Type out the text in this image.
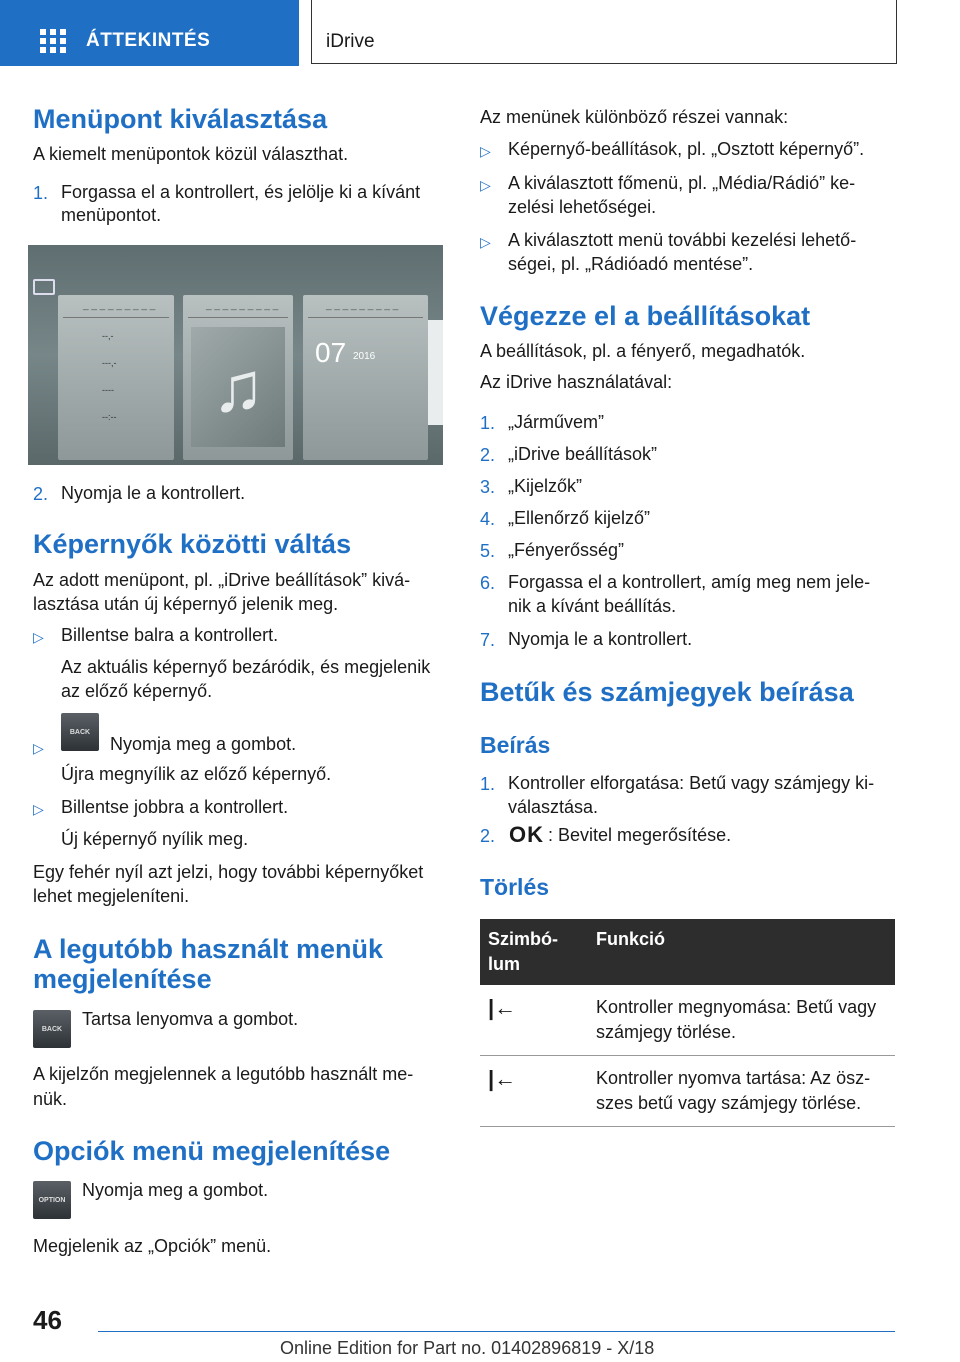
ÁTTEKINTÉS	iDrive
Menüpont kiválasztása
A kiemelt menüpontok közül választhat.
1. Forgassa el a kontrollert, és jelölje ki a kívánt
menüpontot.
_ _ _ _ _ _ _ _ _
--,-
---,-
----
--:--
_ _ _ _ _ _ _ _ _
♫
_ _ _ _ _ _ _ _ _
07 2016
2. Nyomja le a kontrollert.
Képernyők közötti váltás
Az adott menüpont, pl. „iDrive beállítások” kivá-
lasztása után új képernyő jelenik meg.
▷ Billentse balra a kontrollert.
Az aktuális képernyő bezáródik, és megjelenik
az előző képernyő.
▷
BACK
Nyomja meg a gombot.
Újra megnyílik az előző képernyő.
▷ Billentse jobbra a kontrollert.
Új képernyő nyílik meg.
Egy fehér nyíl azt jelzi, hogy további képernyőket
lehet megjeleníteni.
A legutóbb használt menük
megjelenítése
BACK	Tartsa lenyomva a gombot.
A kijelzőn megjelennek a legutóbb használt me-
nük.
Opciók menü megjelenítése
OPTION Nyomja meg a gombot.
Megjelenik az „Opciók” menü.
Az menünek különböző részei vannak:
▷ Képernyő-beállítások, pl. „Osztott képernyő”.
▷ A kiválasztott főmenü, pl. „Média/Rádió” ke-
zelési lehetőségei.
▷ A kiválasztott menü további kezelési lehető-
ségei, pl. „Rádióadó mentése”.
Végezze el a beállításokat
A beállítások, pl. a fényerő, megadhatók.
Az iDrive használatával:
1. „Járművem”
2. „iDrive beállítások”
3. „Kijelzők”
4. „Ellenőrző kijelző”
5. „Fényerősség”
6. Forgassa el a kontrollert, amíg meg nem jele-
nik a kívánt beállítás.
7. Nyomja le a kontrollert.
Betűk és számjegyek beírása
Beírás
1. Kontroller elforgatása: Betű vagy számjegy ki-
választása.
2. OK : Bevitel megerősítése.
Törlés
Szimbó-lum	Funkció
|←	Kontroller megnyomása: Betű vagy számjegy törlése.
|←	Kontroller nyomva tartása: Az ösz-szes betű vagy számjegy törlése.
46
Online Edition for Part no. 01402896819 - X/18
